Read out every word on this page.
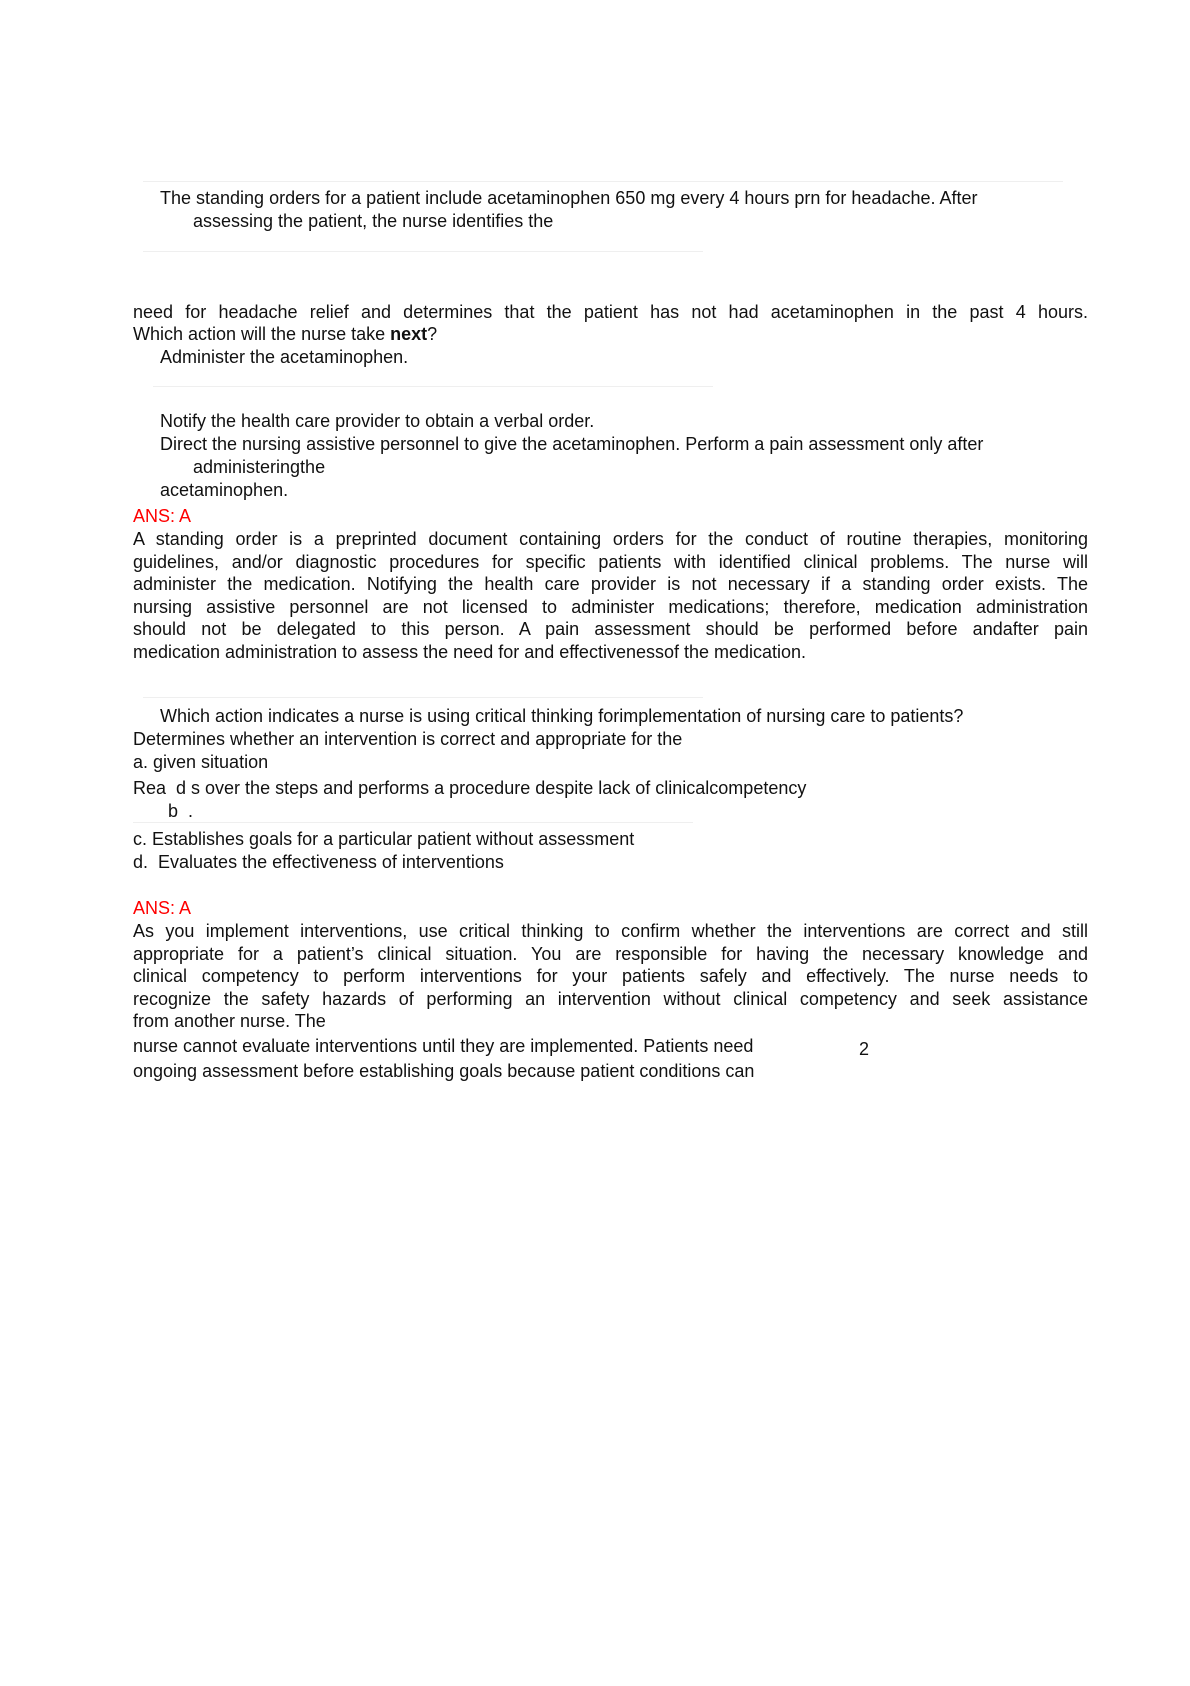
The standing orders for a patient include acetaminophen 650 mg every 4 hours prn for headache. After
assessing the patient, the nurse identifies the
need for headache relief and determines that the patient has not had acetaminophen in the past 4 hours.
Which action will the nurse take next?
Administer the acetaminophen.
Notify the health care provider to obtain a verbal order.
Direct the nursing assistive personnel to give the acetaminophen. Perform a pain assessment only after
administeringthe
acetaminophen.
ANS: A
A standing order is a preprinted document containing orders for the conduct of routine therapies, monitoring
guidelines, and/or diagnostic procedures for specific patients with identified clinical problems. The nurse will
administer the medication. Notifying the health care provider is not necessary if a standing order exists. The
nursing assistive personnel are not licensed to administer medications; therefore, medication administration
should not be delegated to this person. A pain assessment should be performed before andafter pain
medication administration to assess the need for and effectivenessof the medication.
Which action indicates a nurse is using critical thinking forimplementation of nursing care to patients?
Determines whether an intervention is correct and appropriate for the
a. given situation
Rea  d s over the steps and performs a procedure despite lack of clinicalcompetency
b  .
c. Establishes goals for a particular patient without assessment
d.  Evaluates the effectiveness of interventions
ANS: A
As you implement interventions, use critical thinking to confirm whether the interventions are correct and still
appropriate for a patient’s clinical situation. You are responsible for having the necessary knowledge and
clinical competency to perform interventions for your patients safely and effectively. The nurse needs to
recognize the safety hazards of performing an intervention without clinical competency and seek assistance
from another nurse. The
nurse cannot evaluate interventions until they are implemented. Patients need	2
ongoing assessment before establishing goals because patient conditions can
